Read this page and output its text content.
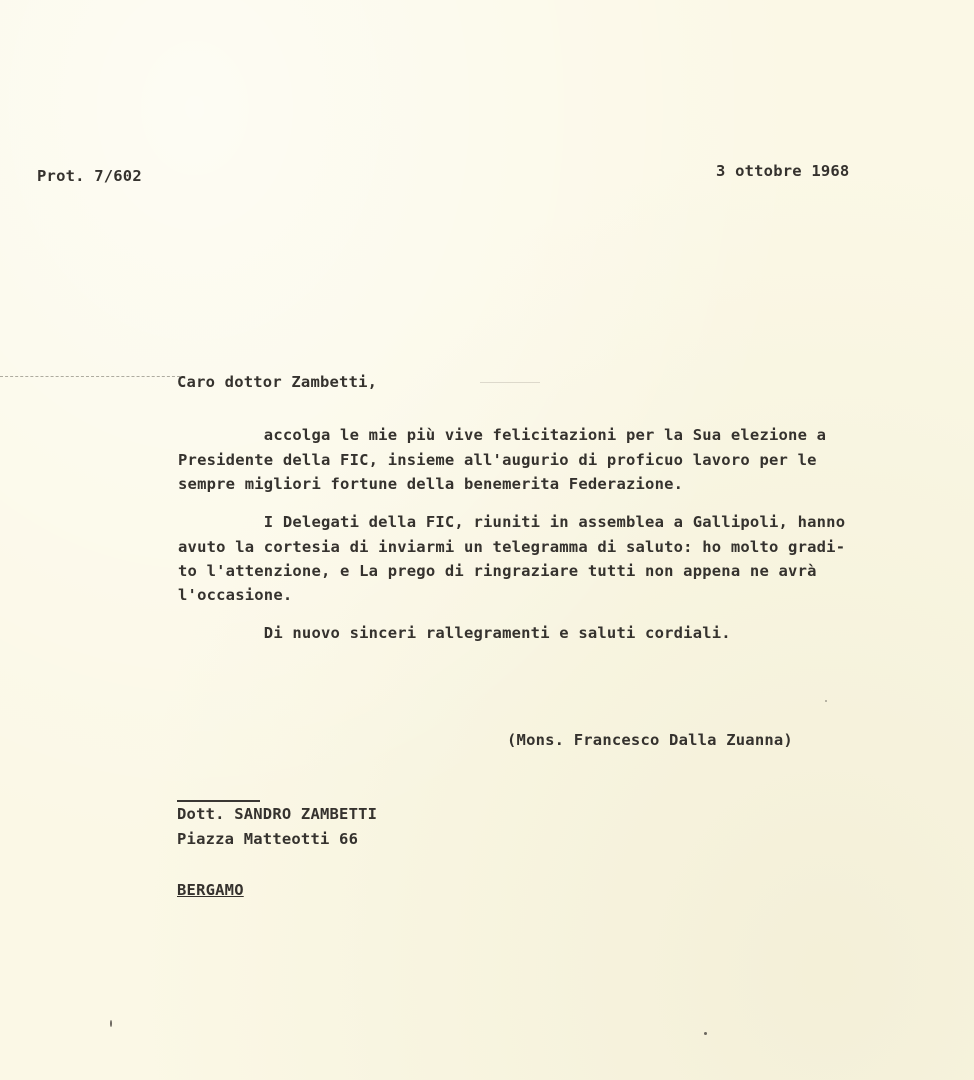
Prot. 7/602	3 ottobre 1968
Caro dottor Zambetti,
accolga le mie più vive felicitazioni per la Sua elezione a
Presidente della FIC, insieme all'augurio di proficuo lavoro per le
sempre migliori fortune della benemerita Federazione.
I Delegati della FIC, riuniti in assemblea a Gallipoli, hanno
avuto la cortesia di inviarmi un telegramma di saluto: ho molto gradi-
to l'attenzione, e La prego di ringraziare tutti non appena ne avrà
l'occasione.
Di nuovo sinceri rallegramenti e saluti cordiali.
(Mons. Francesco Dalla Zuanna)
Dott. SANDRO ZAMBETTI
Piazza Matteotti 66
BERGAMO
